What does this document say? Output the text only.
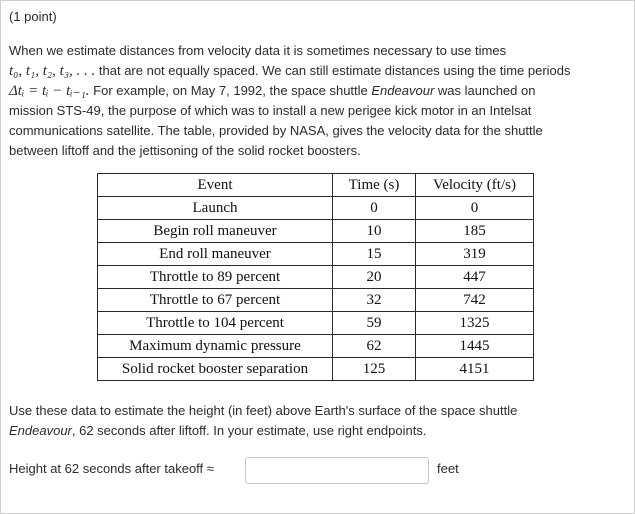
(1 point)
When we estimate distances from velocity data it is sometimes necessary to use times
t₀, t₁, t₂, t₃, . . . that are not equally spaced. We can still estimate distances using the time periods
Δtᵢ = tᵢ − tᵢ₋₁. For example, on May 7, 1992, the space shuttle Endeavour was launched on
mission STS-49, the purpose of which was to install a new perigee kick motor in an Intelsat
communications satellite. The table, provided by NASA, gives the velocity data for the shuttle
between liftoff and the jettisoning of the solid rocket boosters.
Event	Time (s)	Velocity (ft/s)
Launch	0	0
Begin roll maneuver	10	185
End roll maneuver	15	319
Throttle to 89 percent	20	447
Throttle to 67 percent	32	742
Throttle to 104 percent	59	1325
Maximum dynamic pressure	62	1445
Solid rocket booster separation	125	4151
Use these data to estimate the height (in feet) above Earth's surface of the space shuttle
Endeavour, 62 seconds after liftoff. In your estimate, use right endpoints.
Height at 62 seconds after takeoff ≈	feet
